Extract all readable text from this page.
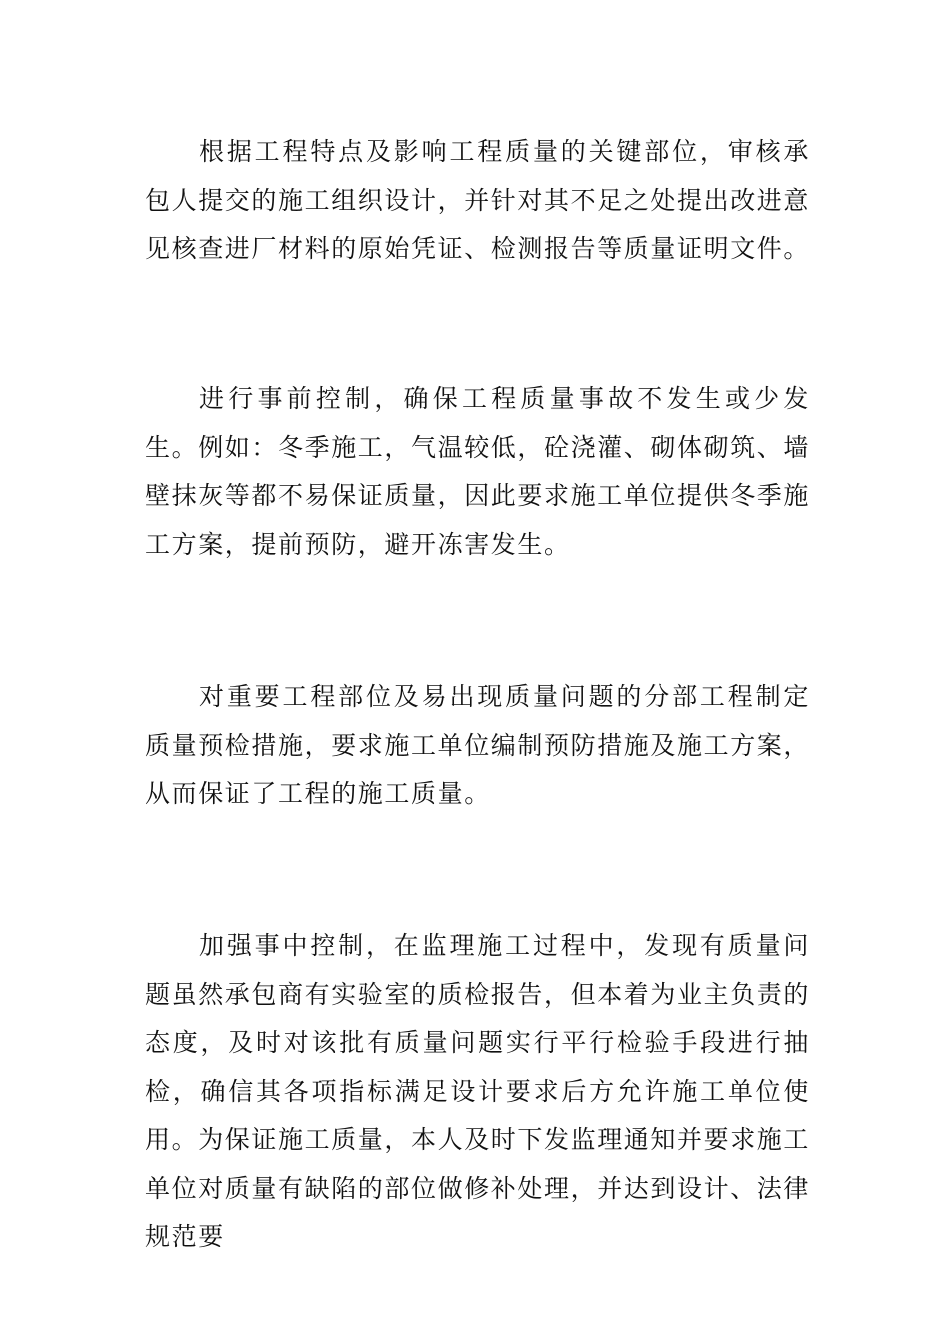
根据工程特点及影响工程质量的关键部位，审核承包人提交的施工组织设计，并针对其不足之处提出改进意见核查进厂材料的原始凭证、检测报告等质量证明文件。

进行事前控制，确保工程质量事故不发生或少发生。例如：冬季施工，气温较低，砼浇灌、砌体砌筑、墙壁抹灰等都不易保证质量，因此要求施工单位提供冬季施工方案，提前预防，避开冻害发生。

对重要工程部位及易出现质量问题的分部工程制定质量预检措施，要求施工单位编制预防措施及施工方案，从而保证了工程的施工质量。

加强事中控制，在监理施工过程中，发现有质量问题虽然承包商有实验室的质检报告，但本着为业主负责的态度，及时对该批有质量问题实行平行检验手段进行抽检，确信其各项指标满足设计要求后方允许施工单位使用。为保证施工质量，本人及时下发监理通知并要求施工单位对质量有缺陷的部位做修补处理，并达到设计、法律规范要
